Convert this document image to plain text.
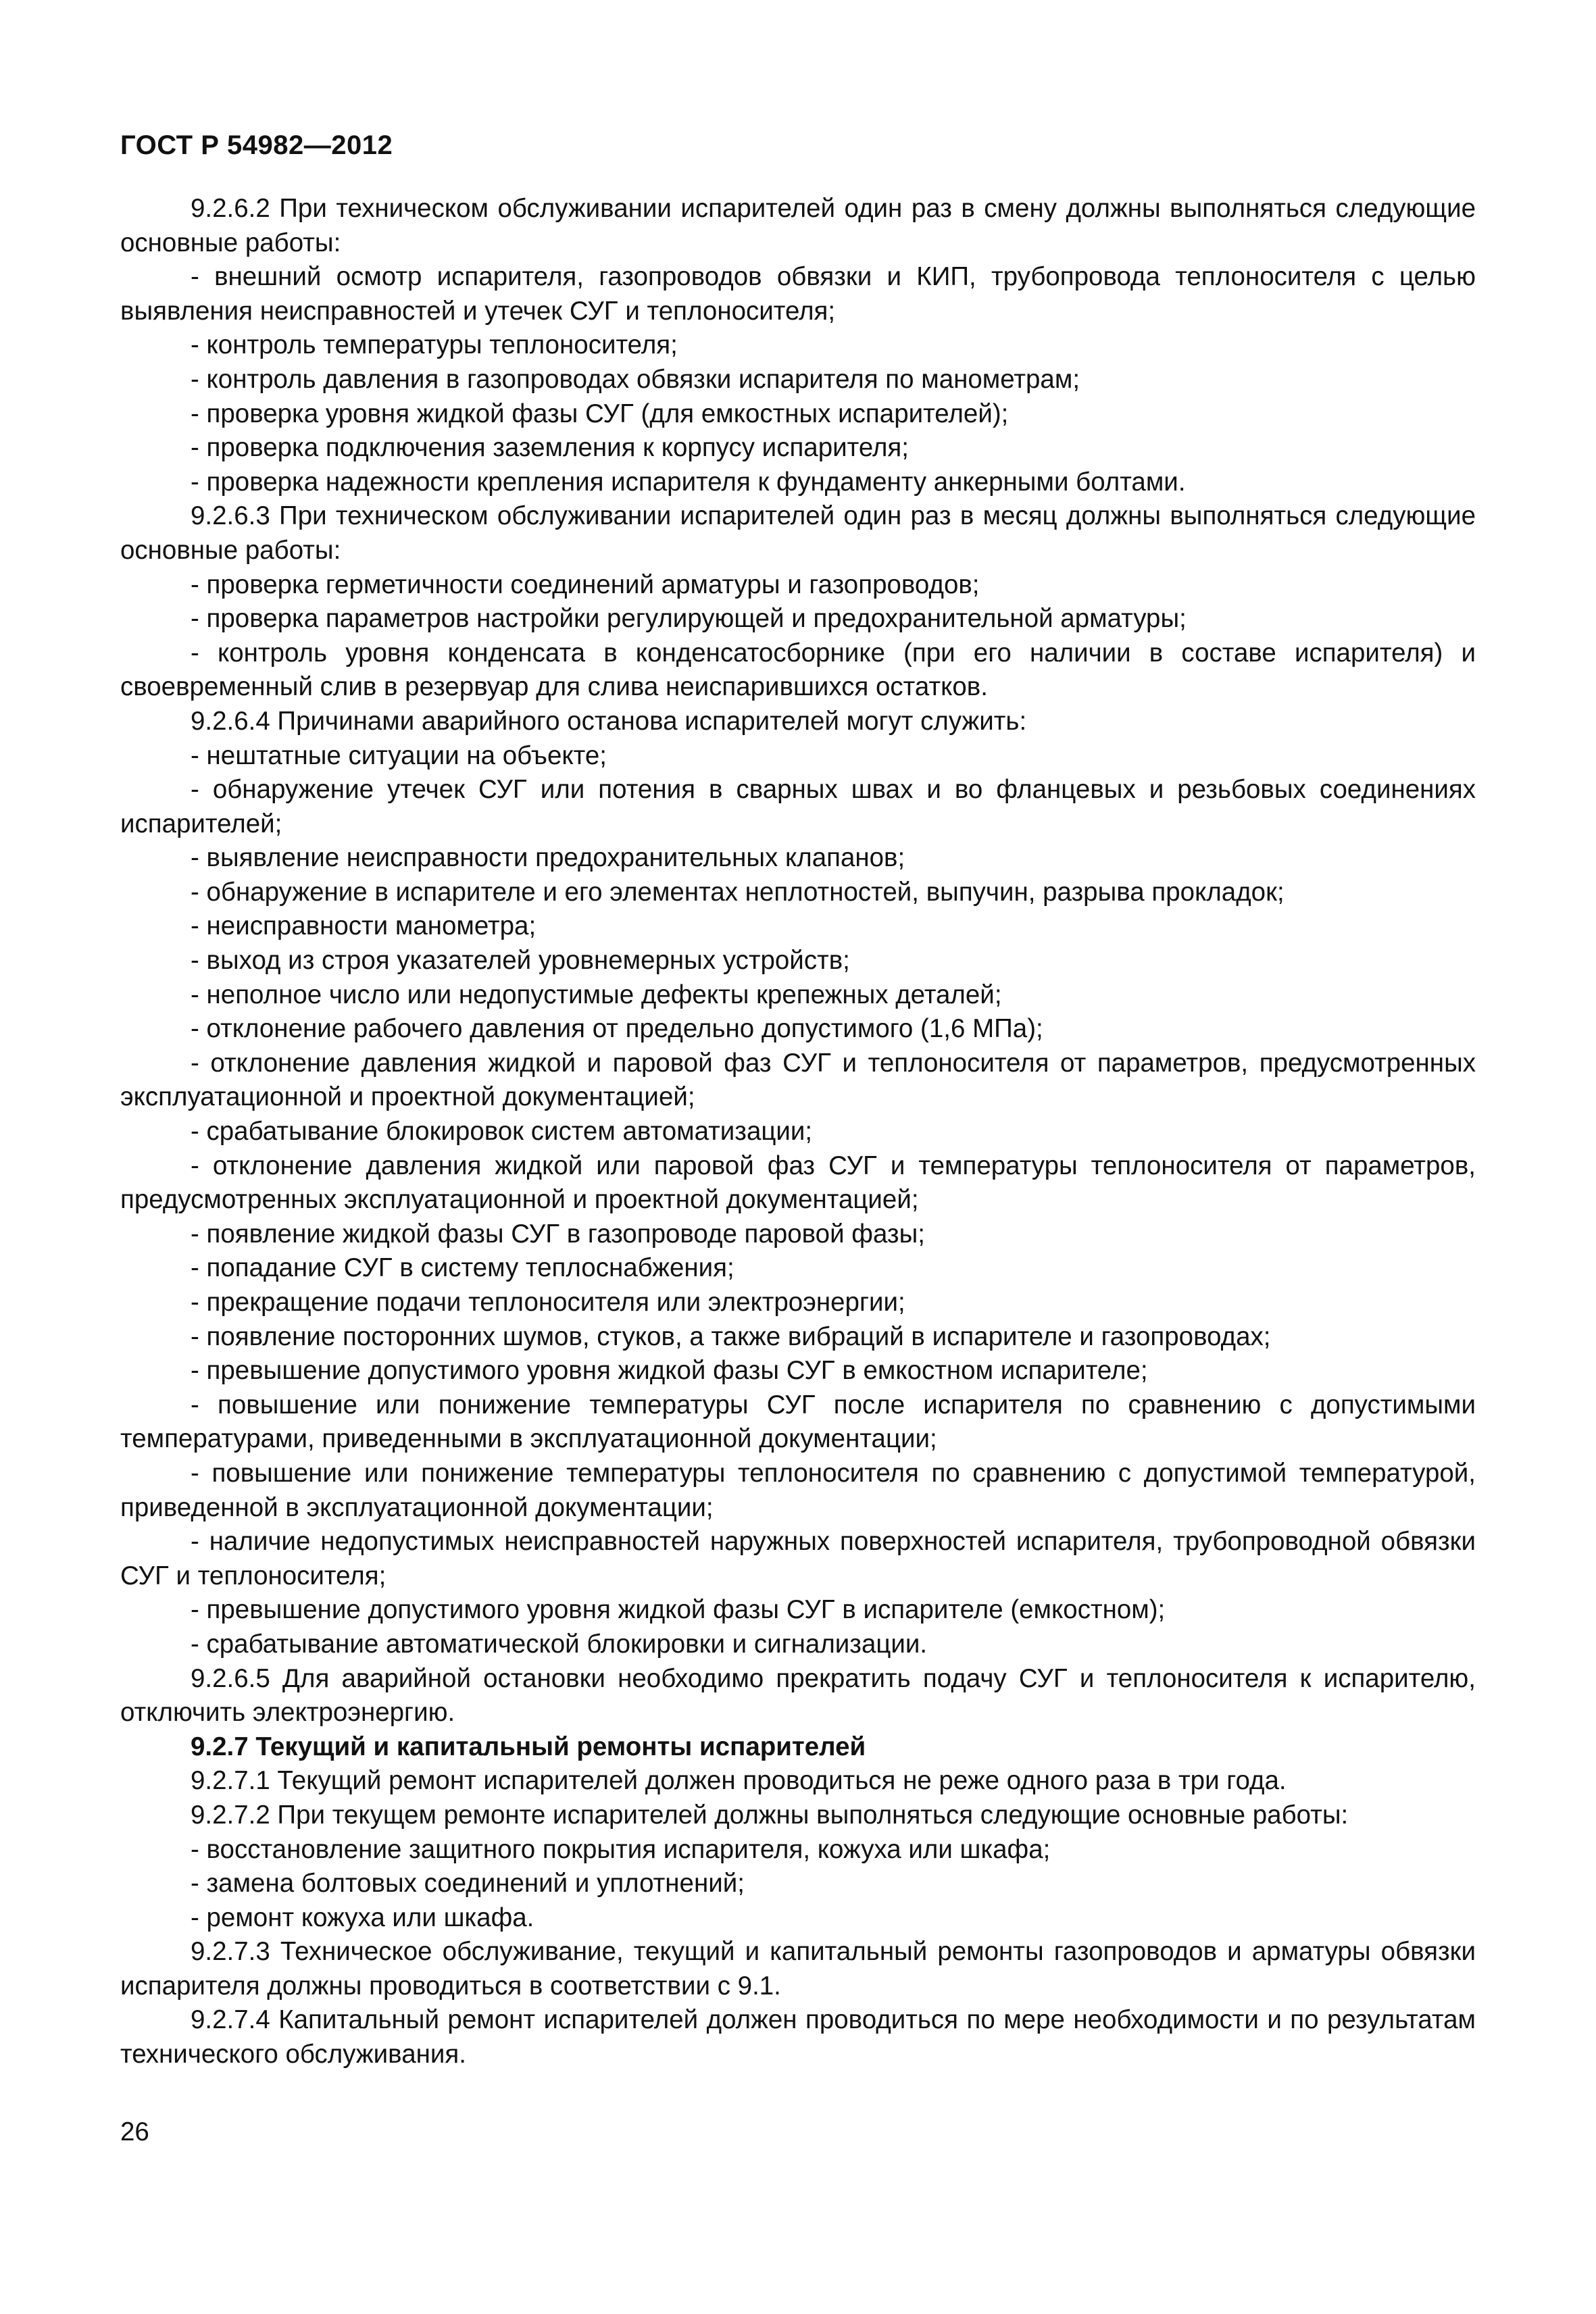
ГОСТ Р 54982—2012

9.2.6.2 При техническом обслуживании испарителей один раз в смену должны выполняться следующие основные работы:

- внешний осмотр испарителя, газопроводов обвязки и КИП, трубопровода теплоносителя с целью выявления неисправностей и утечек СУГ и теплоносителя;

- контроль температуры теплоносителя;

- контроль давления в газопроводах обвязки испарителя по манометрам;

- проверка уровня жидкой фазы СУГ (для емкостных испарителей);

- проверка подключения заземления к корпусу испарителя;

- проверка надежности крепления испарителя к фундаменту анкерными болтами.

9.2.6.3 При техническом обслуживании испарителей один раз в месяц должны выполняться следующие основные работы:

- проверка герметичности соединений арматуры и газопроводов;

- проверка параметров настройки регулирующей и предохранительной арматуры;

- контроль уровня конденсата в конденсатосборнике (при его наличии в составе испарителя) и своевременный слив в резервуар для слива неиспарившихся остатков.

9.2.6.4 Причинами аварийного останова испарителей могут служить:

- нештатные ситуации на объекте;

- обнаружение утечек СУГ или потения в сварных швах и во фланцевых и резьбовых соединениях испарителей;

- выявление неисправности предохранительных клапанов;

- обнаружение в испарителе и его элементах неплотностей, выпучин, разрыва прокладок;

- неисправности манометра;

- выход из строя указателей уровнемерных устройств;

- неполное число или недопустимые дефекты крепежных деталей;

- отклонение рабочего давления от предельно допустимого (1,6 МПа);

- отклонение давления жидкой и паровой фаз СУГ и теплоносителя от параметров, предусмотренных эксплуатационной и проектной документацией;

- срабатывание блокировок систем автоматизации;

- отклонение давления жидкой или паровой фаз СУГ и температуры теплоносителя от параметров, предусмотренных эксплуатационной и проектной документацией;

- появление жидкой фазы СУГ в газопроводе паровой фазы;

- попадание СУГ в систему теплоснабжения;

- прекращение подачи теплоносителя или электроэнергии;

- появление посторонних шумов, стуков, а также вибраций в испарителе и газопроводах;

- превышение допустимого уровня жидкой фазы СУГ в емкостном испарителе;

- повышение или понижение температуры СУГ после испарителя по сравнению с допустимыми температурами, приведенными в эксплуатационной документации;

- повышение или понижение температуры теплоносителя по сравнению с допустимой температурой, приведенной в эксплуатационной документации;

- наличие недопустимых неисправностей наружных поверхностей испарителя, трубопроводной обвязки СУГ и теплоносителя;

- превышение допустимого уровня жидкой фазы СУГ в испарителе (емкостном);

- срабатывание автоматической блокировки и сигнализации.

9.2.6.5 Для аварийной остановки необходимо прекратить подачу СУГ и теплоносителя к испарителю, отключить электроэнергию.

9.2.7 Текущий и капитальный ремонты испарителей

9.2.7.1 Текущий ремонт испарителей должен проводиться не реже одного раза в три года.

9.2.7.2 При текущем ремонте испарителей должны выполняться следующие основные работы:

- восстановление защитного покрытия испарителя, кожуха или шкафа;

- замена болтовых соединений и уплотнений;

- ремонт кожуха или шкафа.

9.2.7.3 Техническое обслуживание, текущий и капитальный ремонты газопроводов и арматуры обвязки испарителя должны проводиться в соответствии с 9.1.

9.2.7.4 Капитальный ремонт испарителей должен проводиться по мере необходимости и по результатам технического обслуживания.

26
